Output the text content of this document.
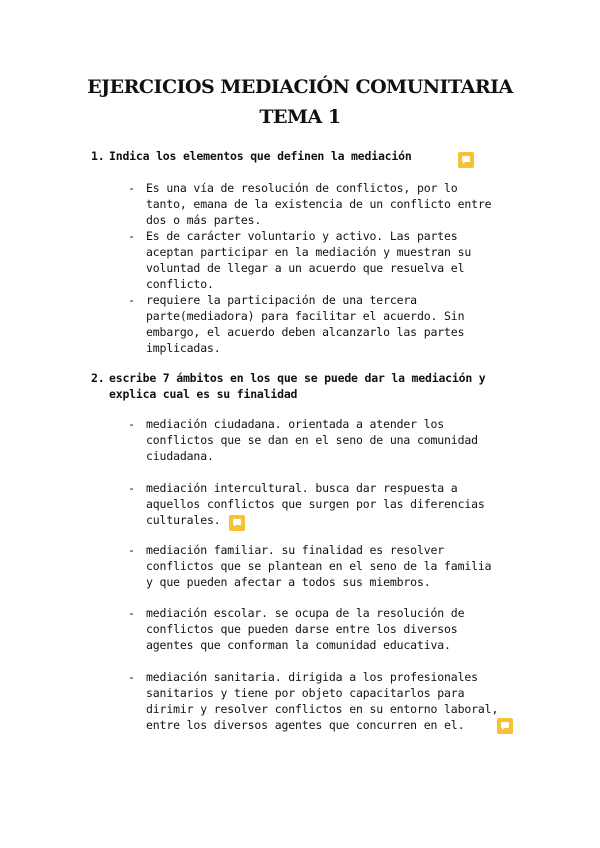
EJERCICIOS MEDIACIÓN COMUNITARIA
TEMA 1
1. Indica los elementos que definen la mediación
- Es una vía de resolución de conflictos, por lo
tanto, emana de la existencia de un conflicto entre
dos o más partes.
- Es de carácter voluntario y activo. Las partes
aceptan participar en la mediación y muestran su
voluntad de llegar a un acuerdo que resuelva el
conflicto.
- requiere la participación de una tercera
parte(mediadora) para facilitar el acuerdo. Sin
embargo, el acuerdo deben alcanzarlo las partes
implicadas.
2. escribe 7 ámbitos en los que se puede dar la mediación y
explica cual es su finalidad
- mediación ciudadana. orientada a atender los
conflictos que se dan en el seno de una comunidad
ciudadana.
- mediación intercultural. busca dar respuesta a
aquellos conflictos que surgen por las diferencias
culturales.
- mediación familiar. su finalidad es resolver
conflictos que se plantean en el seno de la familia
y que pueden afectar a todos sus miembros.
- mediación escolar. se ocupa de la resolución de
conflictos que pueden darse entre los diversos
agentes que conforman la comunidad educativa.
- mediación sanitaria. dirigida a los profesionales
sanitarios y tiene por objeto capacitarlos para
dirimir y resolver conflictos en su entorno laboral,
entre los diversos agentes que concurren en el.
